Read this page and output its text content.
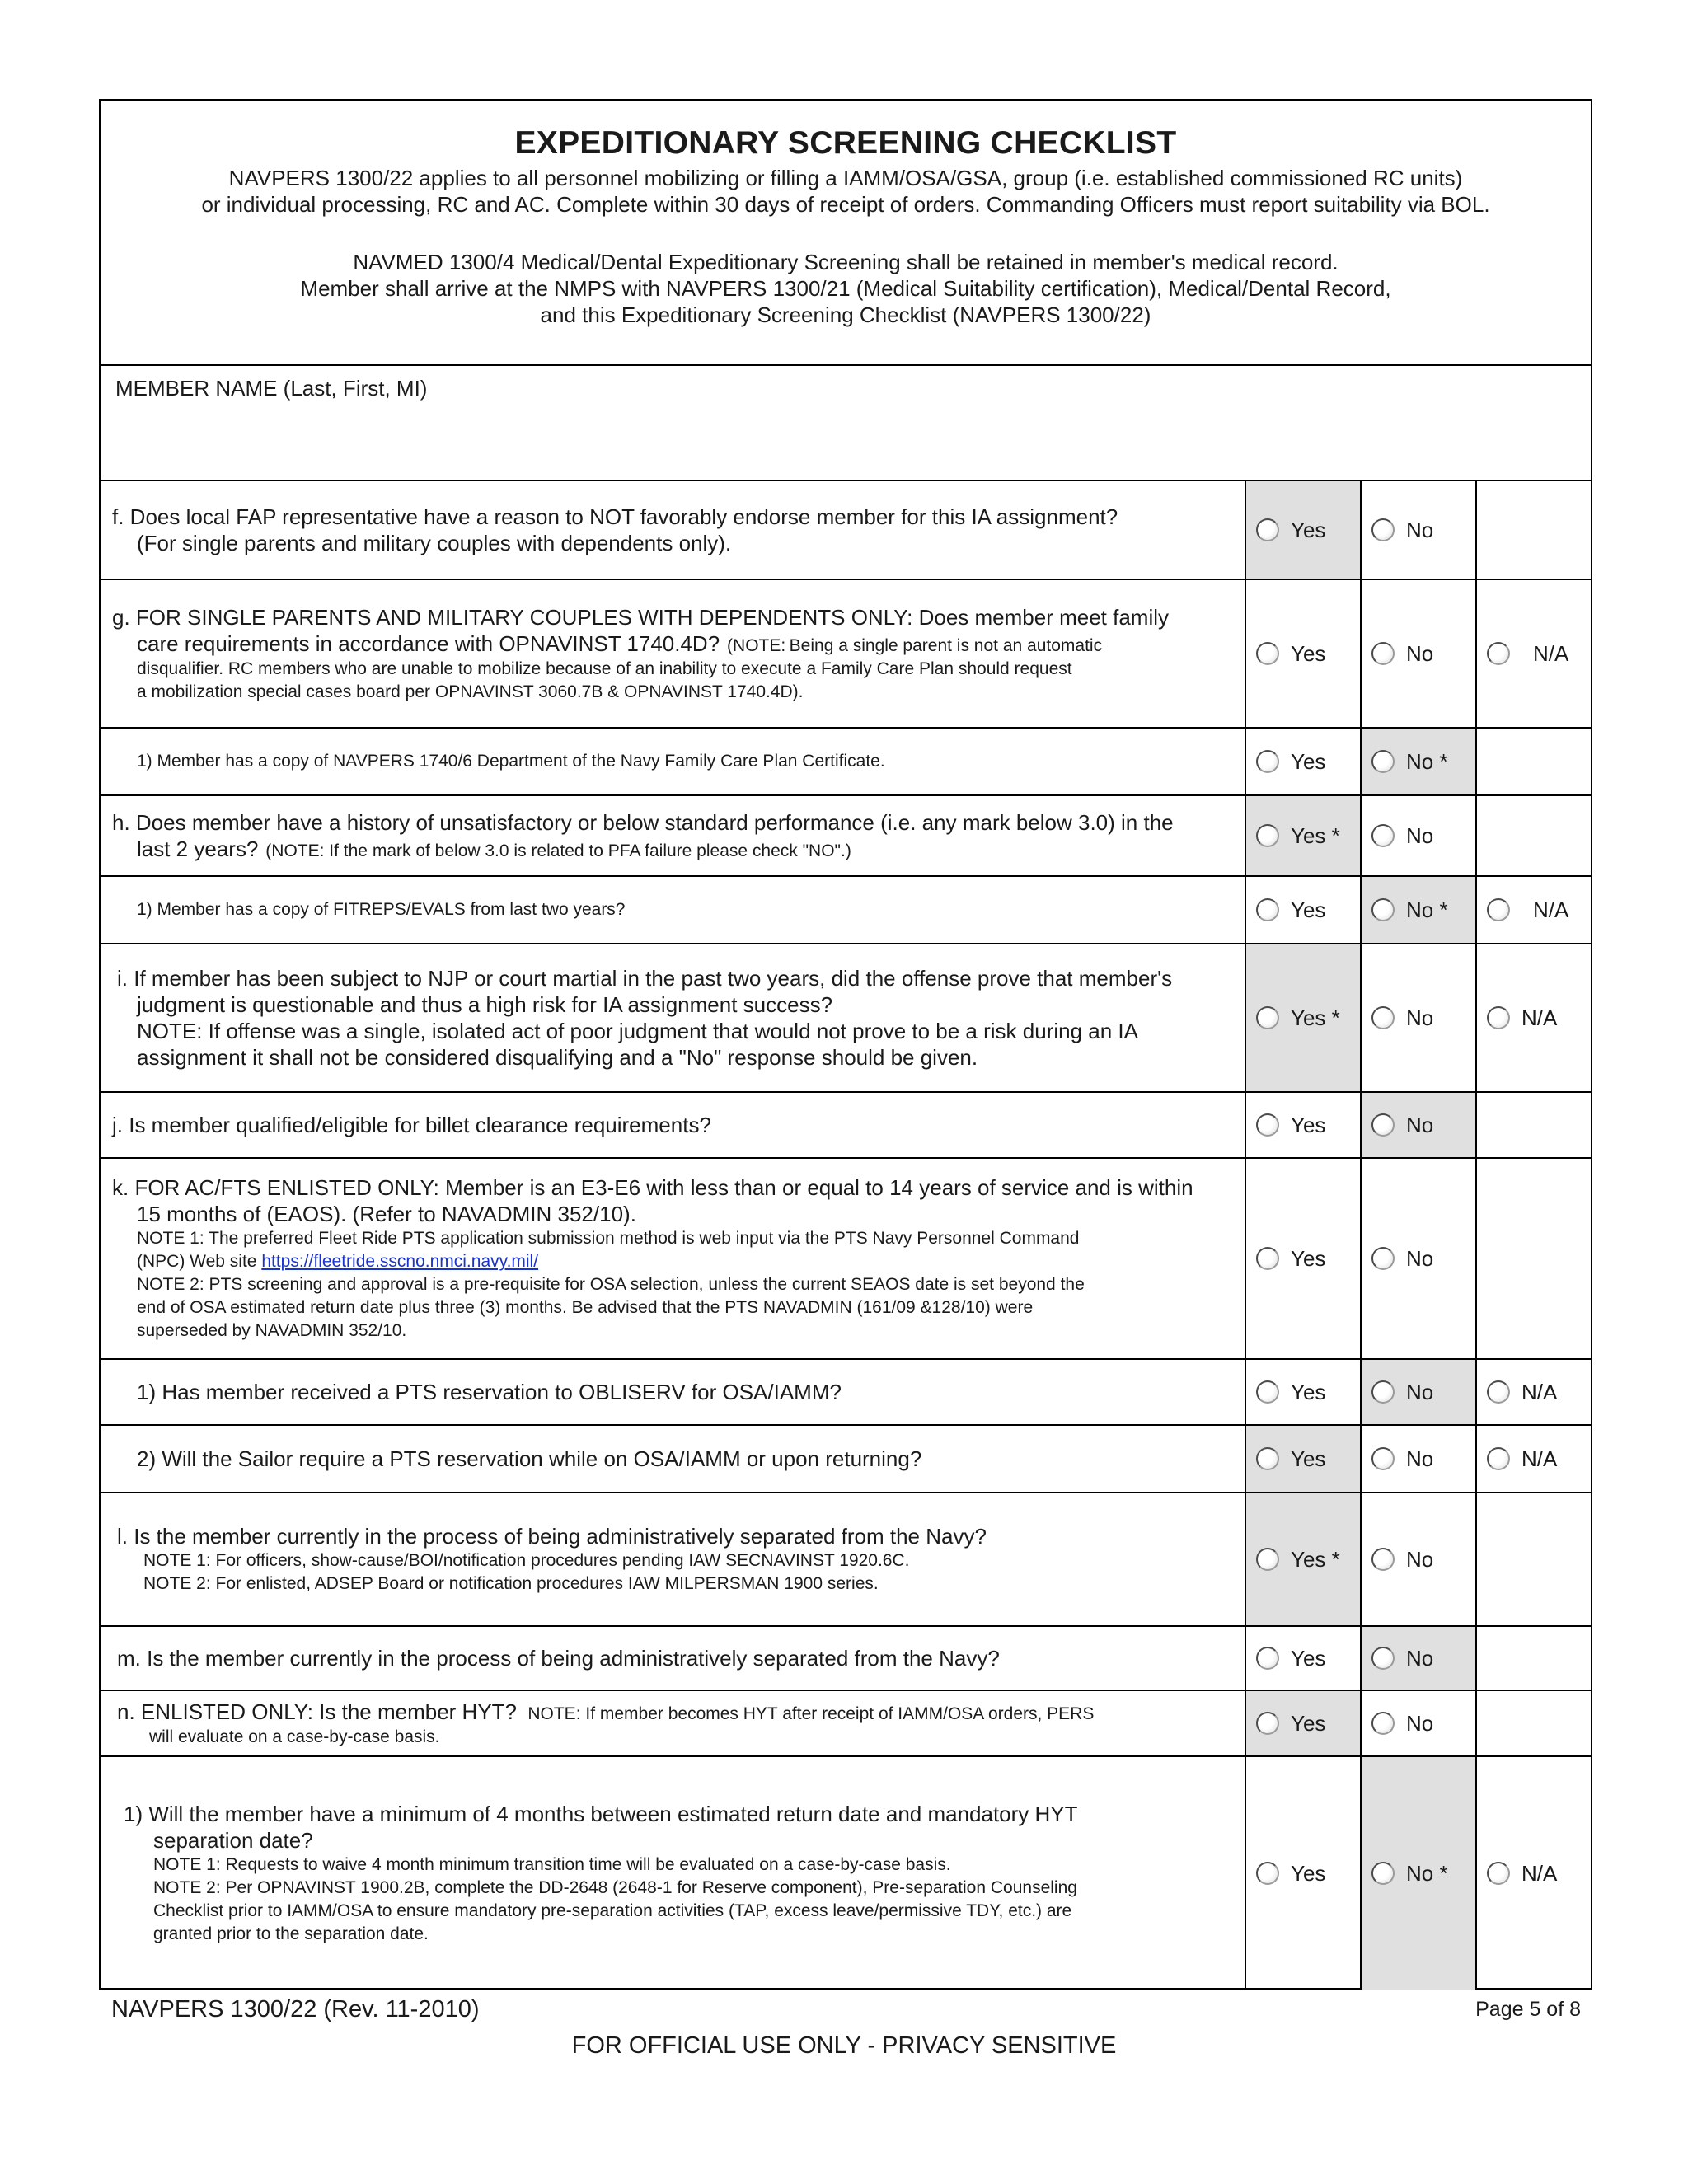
EXPEDITIONARY SCREENING CHECKLIST
NAVPERS 1300/22 applies to all personnel mobilizing or filling a IAMM/OSA/GSA, group (i.e. established commissioned RC units)
or individual processing, RC and AC. Complete within 30 days of receipt of orders. Commanding Officers must report suitability via BOL.
NAVMED 1300/4 Medical/Dental Expeditionary Screening shall be retained in member's medical record.
Member shall arrive at the NMPS with NAVPERS 1300/21 (Medical Suitability certification), Medical/Dental Record,
and this Expeditionary Screening Checklist (NAVPERS 1300/22)
MEMBER NAME (Last, First, MI)
f. Does local FAP representative have a reason to NOT favorably endorse member for this IA assignment?
(For single parents and military couples with dependents only).
Yes	No
g. FOR SINGLE PARENTS AND MILITARY COUPLES WITH DEPENDENTS ONLY: Does member meet family
care requirements in accordance with OPNAVINST 1740.4D? (NOTE: Being a single parent is not an automatic
disqualifier. RC members who are unable to mobilize because of an inability to execute a Family Care Plan should request
a mobilization special cases board per OPNAVINST 3060.7B & OPNAVINST 1740.4D).
Yes	No	N/A
1) Member has a copy of NAVPERS 1740/6 Department of the Navy Family Care Plan Certificate.	Yes	No *
h. Does member have a history of unsatisfactory or below standard performance (i.e. any mark below 3.0) in the
last 2 years? (NOTE: If the mark of below 3.0 is related to PFA failure please check "NO".)
Yes *	No
1) Member has a copy of FITREPS/EVALS from last two years?	Yes	No *	N/A
i. If member has been subject to NJP or court martial in the past two years, did the offense prove that member's
judgment is questionable and thus a high risk for IA assignment success?
NOTE: If offense was a single, isolated act of poor judgment that would not prove to be a risk during an IA
assignment it shall not be considered disqualifying and a "No" response should be given.
Yes *	No	N/A
j. Is member qualified/eligible for billet clearance requirements?	Yes	No
k. FOR AC/FTS ENLISTED ONLY: Member is an E3-E6 with less than or equal to 14 years of service and is within
15 months of (EAOS). (Refer to NAVADMIN 352/10).
NOTE 1: The preferred Fleet Ride PTS application submission method is web input via the PTS Navy Personnel Command
(NPC) Web site https://fleetride.sscno.nmci.navy.mil/
NOTE 2: PTS screening and approval is a pre-requisite for OSA selection, unless the current SEAOS date is set beyond the
end of OSA estimated return date plus three (3) months. Be advised that the PTS NAVADMIN (161/09 &128/10) were
superseded by NAVADMIN 352/10.
Yes	No
1) Has member received a PTS reservation to OBLISERV for OSA/IAMM?	Yes	No	N/A
2) Will the Sailor require a PTS reservation while on OSA/IAMM or upon returning?	Yes	No	N/A
l. Is the member currently in the process of being administratively separated from the Navy?
NOTE 1: For officers, show-cause/BOI/notification procedures pending IAW SECNAVINST 1920.6C.
NOTE 2: For enlisted, ADSEP Board or notification procedures IAW MILPERSMAN 1900 series.
Yes *	No
m. Is the member currently in the process of being administratively separated from the Navy?	Yes	No
n. ENLISTED ONLY: Is the member HYT? NOTE: If member becomes HYT after receipt of IAMM/OSA orders, PERS
will evaluate on a case-by-case basis.
Yes	No
1) Will the member have a minimum of 4 months between estimated return date and mandatory HYT
separation date?
NOTE 1: Requests to waive 4 month minimum transition time will be evaluated on a case-by-case basis.
NOTE 2: Per OPNAVINST 1900.2B, complete the DD-2648 (2648-1 for Reserve component), Pre-separation Counseling
Checklist prior to IAMM/OSA to ensure mandatory pre-separation activities (TAP, excess leave/permissive TDY, etc.) are
granted prior to the separation date.
Yes	No *	N/A
NAVPERS 1300/22 (Rev. 11-2010)	Page 5 of 8
FOR OFFICIAL USE ONLY - PRIVACY SENSITIVE
